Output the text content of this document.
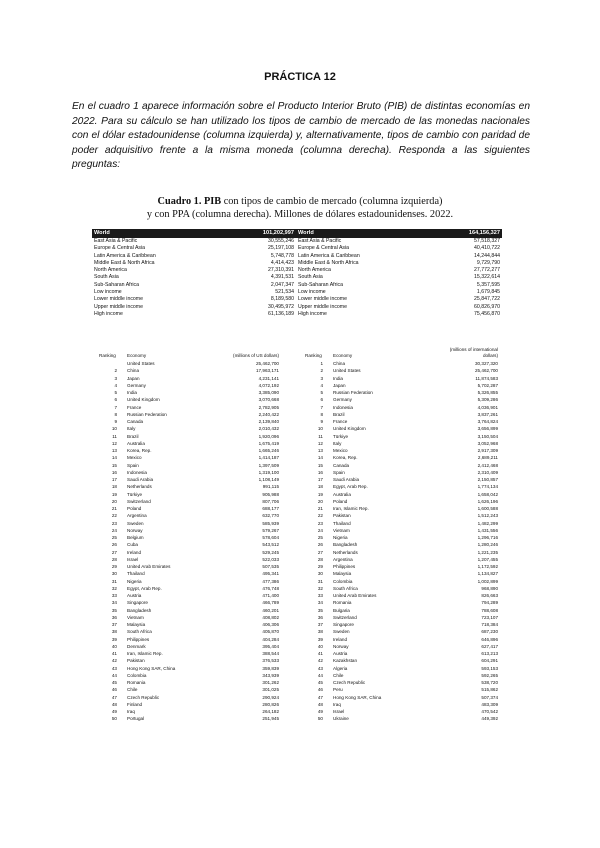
PRÁCTICA 12
En el cuadro 1 aparece información sobre el Producto Interior Bruto (PIB) de distintas economías en 2022. Para su cálculo se han utilizado los tipos de cambio de mercado de las monedas nacionales con el dólar estadounidense (columna izquierda) y, alternativamente, tipos de cambio con paridad de poder adquisitivo frente a la misma moneda (columna derecha). Responda a las siguientes preguntas:
Cuadro 1. PIB con tipos de cambio de mercado (columna izquierda)
y con PPA (columna derecha). Millones de dólares estadounidenses. 2022.
World	101,202,997
East Asia & Pacific	30,555,246
Europe & Central Asia	25,197,108
Latin America & Caribbean	5,748,778
Middle East & North Africa	4,414,423
North America	27,310,391
South Asia	4,391,531
Sub-Saharan Africa	2,047,347
Low income	521,534
Lower middle income	8,189,580
Upper middle income	30,495,972
High income	61,136,189
World	164,156,327
East Asia & Pacific	57,518,327
Europe & Central Asia	40,410,722
Latin America & Caribbean	14,244,844
Middle East & North Africa	9,729,790
North America	27,772,277
South Asia	15,322,614
Sub-Saharan Africa	5,357,595
Low income	1,679,845
Lower middle income	25,847,722
Upper middle income	60,826,970
High income	75,456,870
Ranking Economy	(millions of US dollars)
United States	25,462,700
2 China	17,963,171
3 Japan	4,231,141
4 Germany	4,072,192
5 India	3,385,090
6 United Kingdom	3,070,668
7 France	2,782,905
8 Russian Federation	2,240,422
9 Canada	2,139,840
10 Italy	2,010,432
11 Brazil	1,920,096
12 Australia	1,675,419
13 Korea, Rep.	1,665,246
14 Mexico	1,414,187
15 Spain	1,397,509
16 Indonesia	1,319,100
17 Saudi Arabia	1,108,149
18 Netherlands	991,115
19 Türkiye	905,988
20 Switzerland	807,706
21 Poland	688,177
22 Argentina	632,770
23 Sweden	585,939
24 Norway	579,267
25 Belgium	578,604
26 Cuba	543,512
27 Ireland	529,245
28 Israel	522,033
29 United Arab Emirates	507,535
30 Thailand	495,341
31 Nigeria	477,386
32 Egypt, Arab Rep.	476,748
33 Austria	471,400
34 Singapore	466,789
35 Bangladesh	460,201
36 Vietnam	408,802
37 Malaysia	406,306
38 South Africa	405,870
39 Philippines	404,284
40 Denmark	395,404
41 Iran, Islamic Rep.	388,544
42 Pakistan	376,533
43 Hong Kong SAR, China	359,839
44 Colombia	343,939
45 Romania	301,262
46 Chile	301,025
47 Czech Republic	290,924
48 Finland	280,826
49 Iraq	264,182
50 Portugal	251,945
Ranking Economy
(millions of international dollars)
1 China	30,327,320
2 United States	25,462,700
3 India	11,874,583
4 Japan	5,702,287
5 Russian Federation	5,326,855
6 Germany	5,309,286
7 Indonesia	4,036,901
8 Brazil	3,837,261
9 France	3,764,824
10 United Kingdom	3,656,899
11 Türkiye	3,150,504
12 Italy	3,052,968
13 Mexico	2,917,309
14 Korea, Rep.	2,689,211
15 Canada	2,412,468
16 Spain	2,310,409
17 Saudi Arabia	2,150,857
18 Egypt, Arab Rep.	1,774,134
19 Australia	1,658,042
20 Poland	1,626,196
21 Iran, Islamic Rep.	1,600,588
22 Pakistan	1,512,243
23 Thailand	1,482,299
24 Vietnam	1,431,556
25 Nigeria	1,296,716
26 Bangladesh	1,280,246
27 Netherlands	1,221,235
28 Argentina	1,207,455
29 Philippines	1,172,592
30 Malaysia	1,134,827
31 Colombia	1,002,899
32 South Africa	968,890
33 United Arab Emirates	826,663
34 Romania	794,289
35 Bulgaria	788,608
36 Switzerland	723,107
37 Singapore	718,384
38 Sweden	687,230
39 Ireland	646,896
40 Norway	627,417
41 Austria	613,213
42 Kazakhstan	604,291
43 Algeria	593,153
44 Chile	592,265
45 Czech Republic	538,720
46 Peru	515,862
47 Hong Kong SAR, China	507,374
48 Iraq	483,309
49 Israel	470,542
50 Ukraine	449,392
